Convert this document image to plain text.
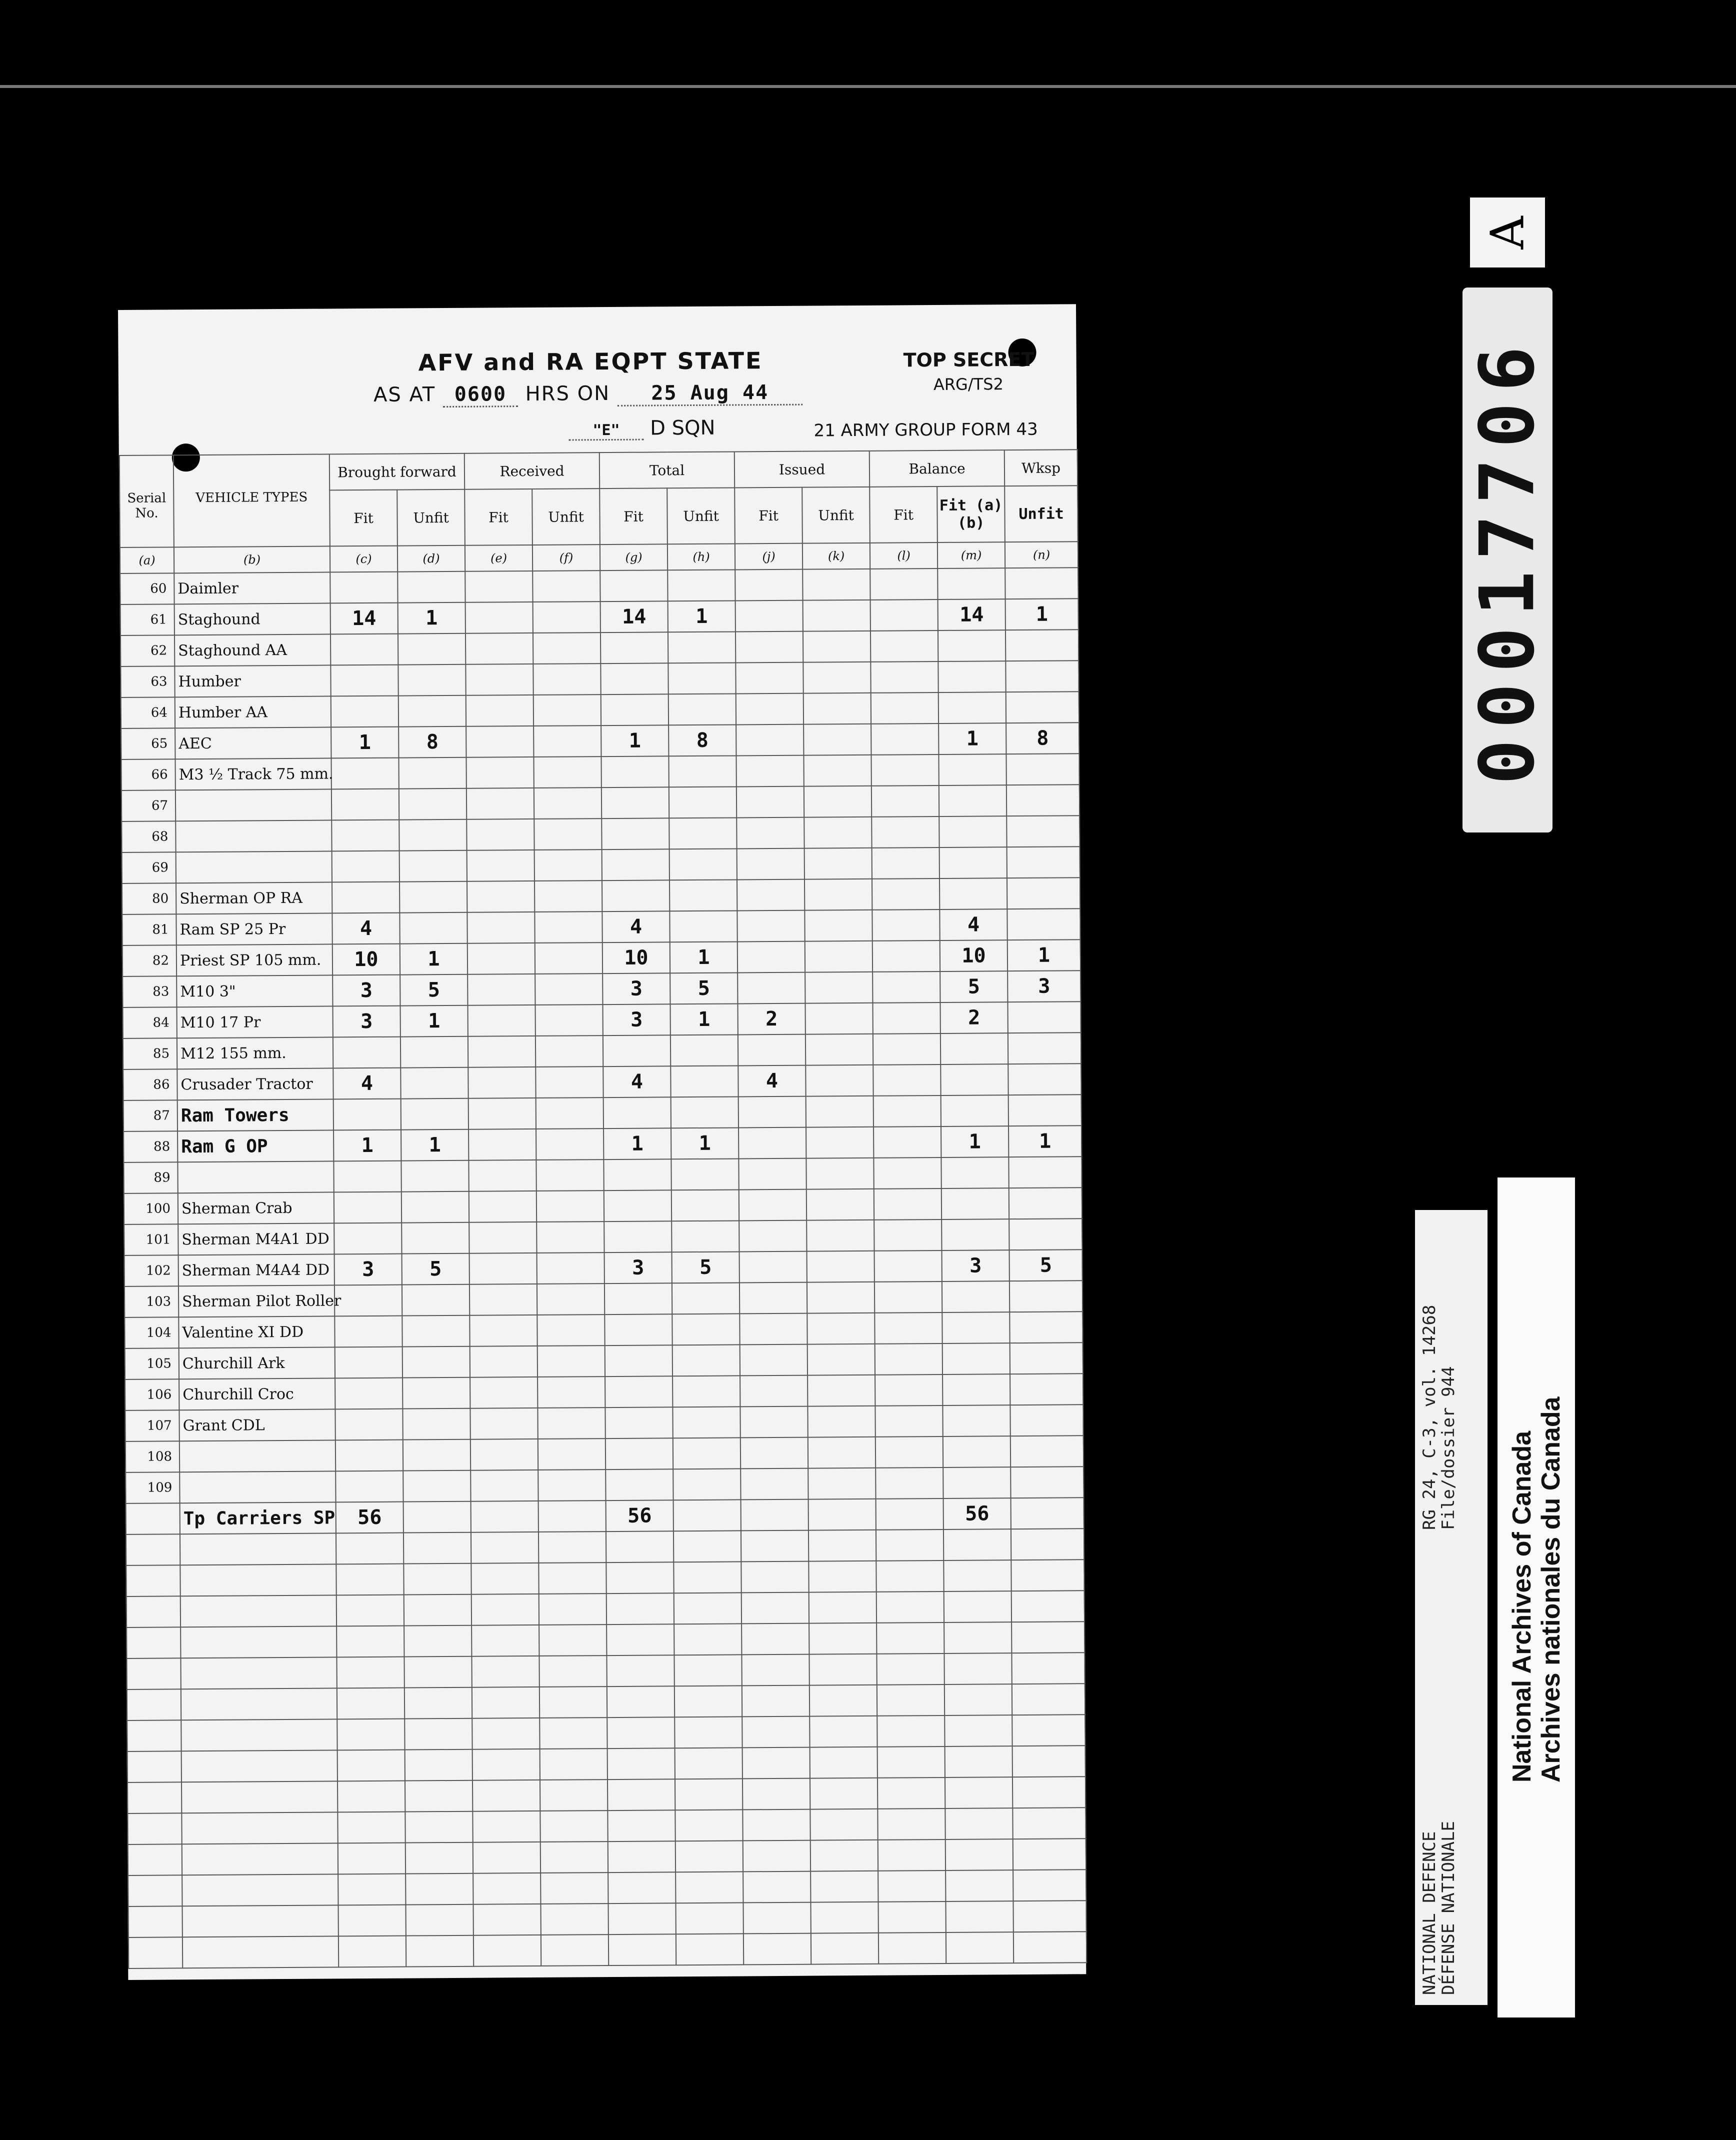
AFV and RA EQPT STATE
AS AT 0600 HRS ON 25 Aug 44
TOP SECRET
ARG/TS2
"E" D SQN	21 ARMY GROUP FORM 43
Serial No.	VEHICLE TYPES	Brought forward		Received		Total		Issued		Balance		Wksp
		Fit	Unfit	Fit	Unfit	Fit	Unfit	Fit	Unfit	Fit	Fit (a)(b)	Unfit
(a)	(b)	(c)	(d)	(e)	(f)	(g)	(h)	(j)	(k)	(l)	(m)	(n)
60	Daimler											
61	Staghound	14	1			14	1				14	1
62	Staghound AA											
63	Humber											
64	Humber AA											
65	AEC	1	8			1	8				1	8
66	M3 ½ Track 75 mm.											
67												
68												
69												
80	Sherman OP RA											
81	Ram SP 25 Pr	4				4					4	
82	Priest SP 105 mm.	10	1			10	1				10	1
83	M10 3"	3	5			3	5				5	3
84	M10 17 Pr	3	1			3	1	2			2	
85	M12 155 mm.											
86	Crusader Tractor	4				4		4				
87	Ram Towers											
88	Ram G OP	1	1			1	1				1	1
89												
100	Sherman Crab											
101	Sherman M4A1 DD											
102	Sherman M4A4 DD	3	5			3	5				3	5
103	Sherman Pilot Roller											
104	Valentine XI DD											
105	Churchill Ark											
106	Churchill Croc											
107	Grant CDL											
108												
109												
	Tp Carriers SP	56				56					56	

A
00017706
RG 24, C-3, vol. 14268
File/dossier 944
NATIONAL DEFENCE
DÉFENSE NATIONALE
National Archives of Canada Archives nationales du Canada
